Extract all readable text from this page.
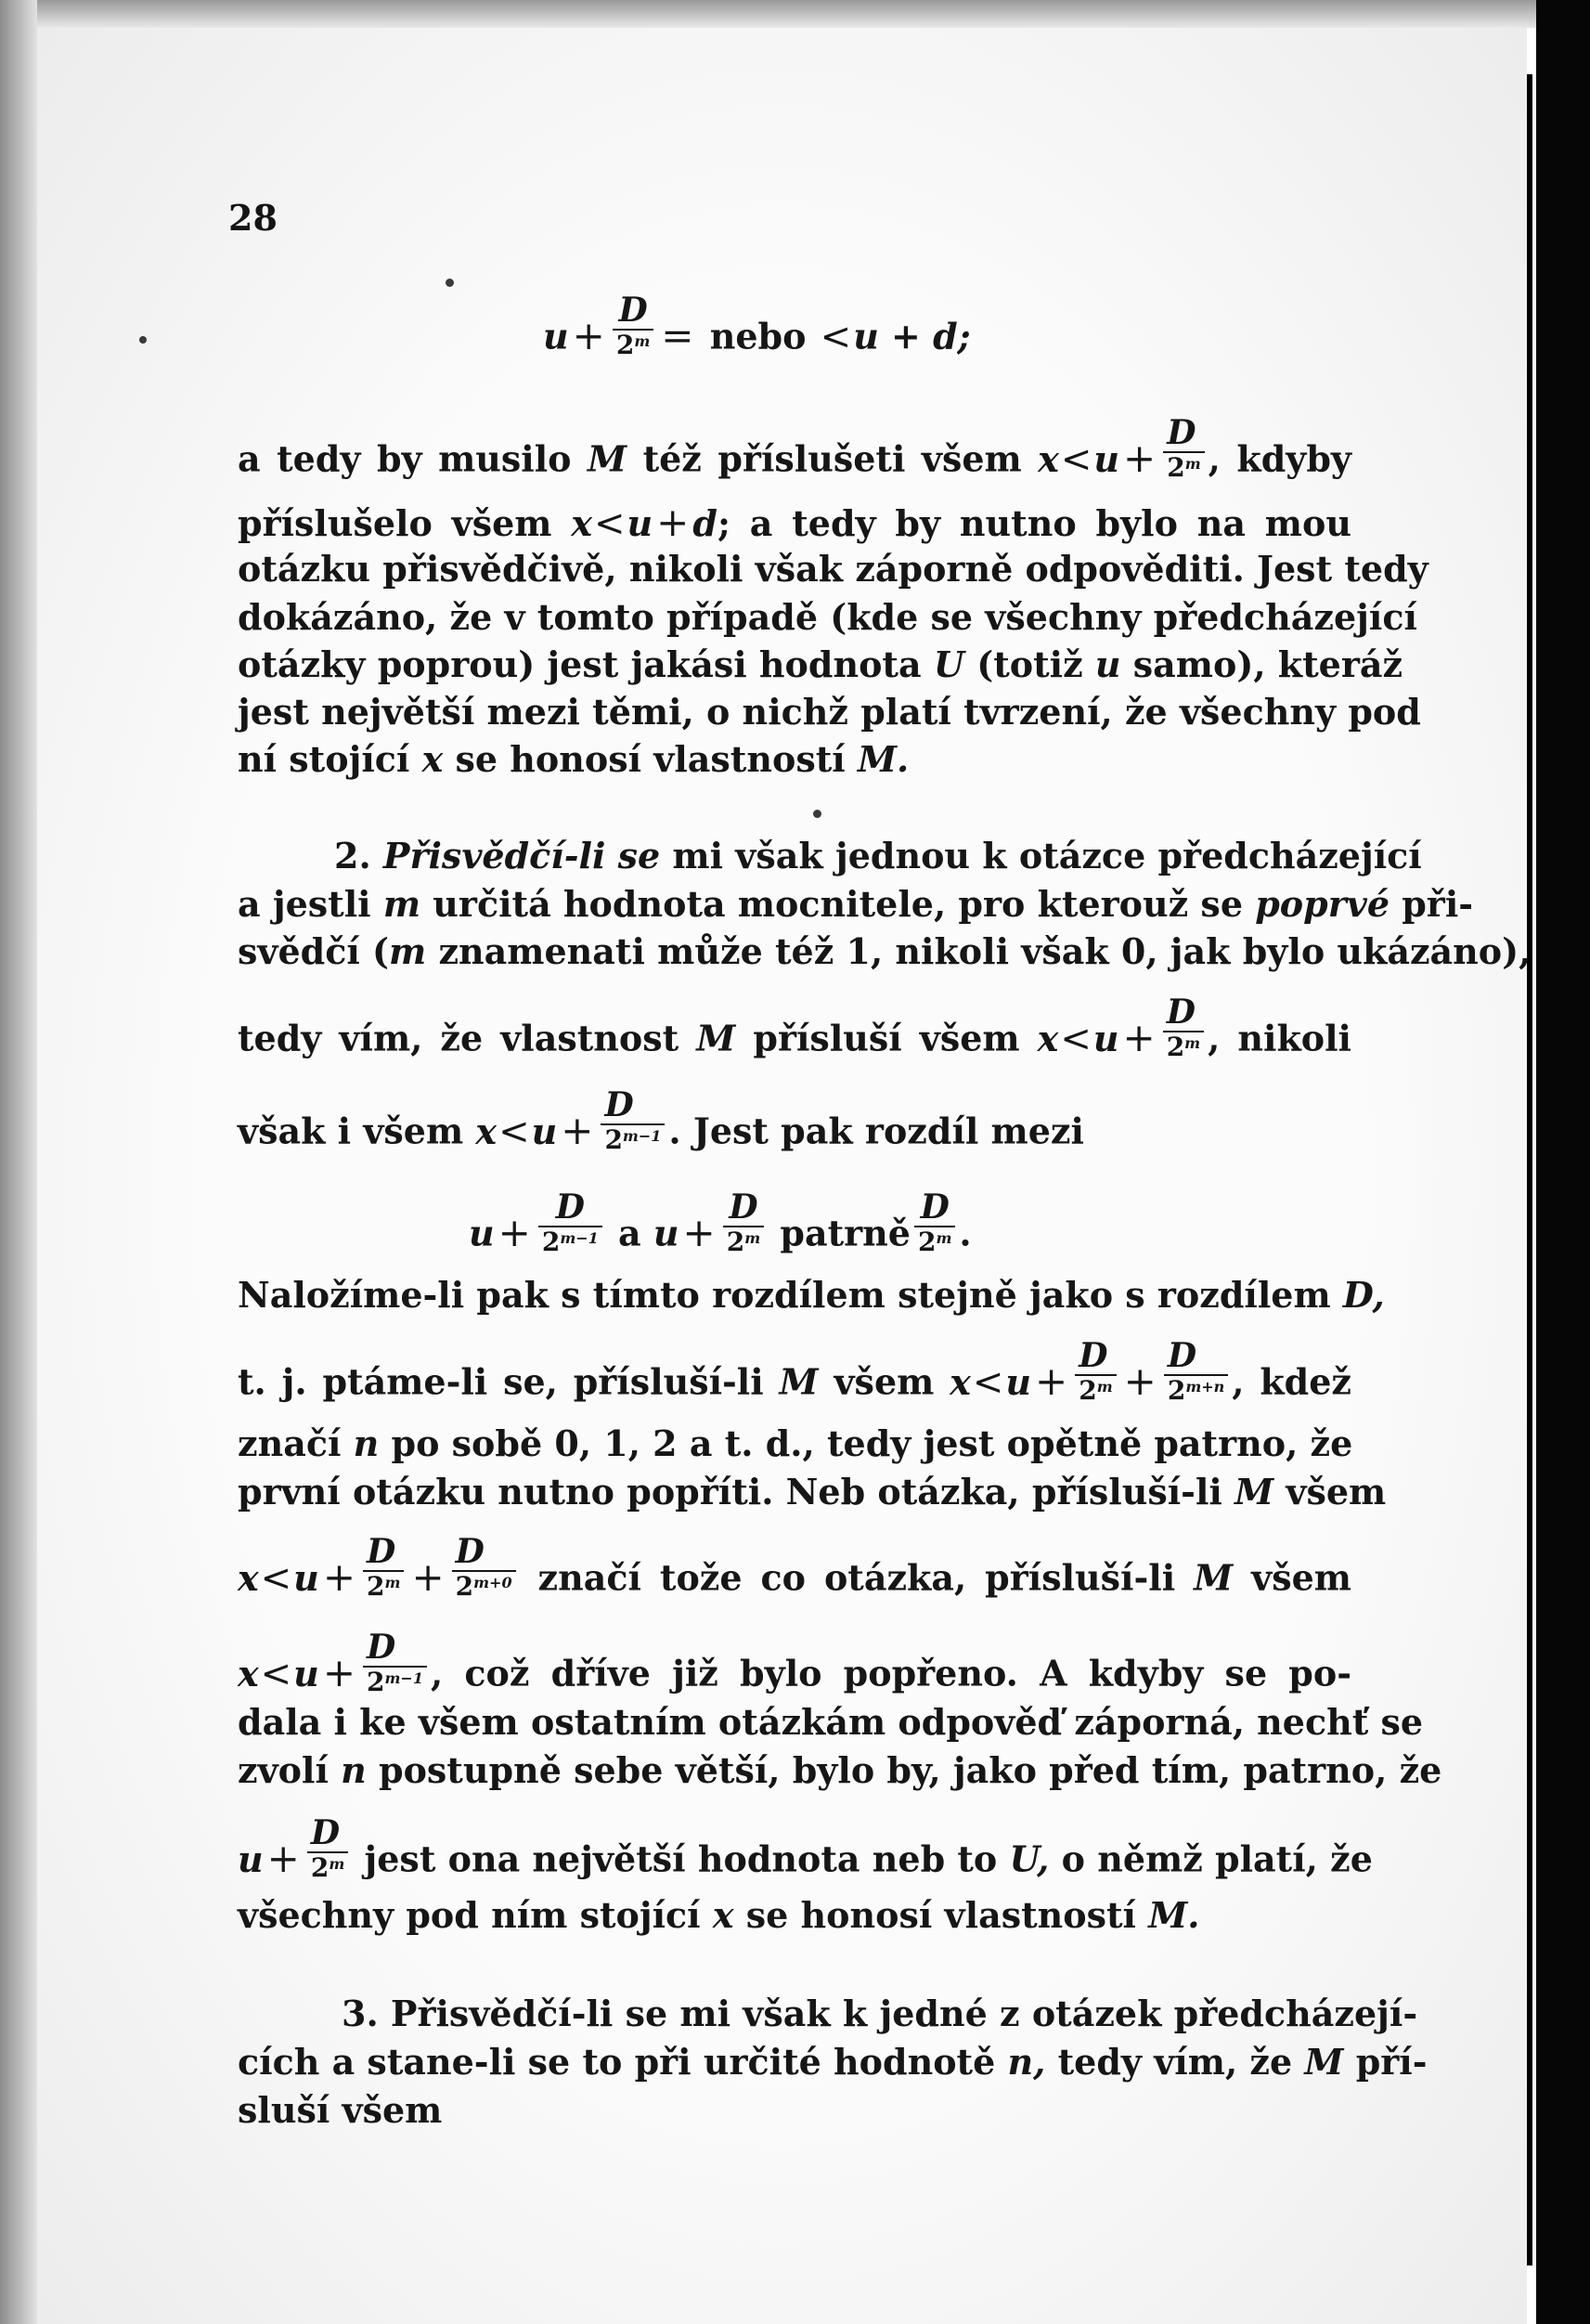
28
$u+ \frac{D}{2^m}$ = nebo <u + d;
a tedy by musilo M též příslušeti všem $x<u+ \frac{D}{2^m}$ , kdyby
příslušelo všem x<u+ d; a tedy by nutno bylo na mou
otázku přisvědčivě, nikoli však záporně odpověditi. Jest tedy
dokázáno, že v tomto případě (kde se všechny předcházející
otázky poprou) jest jakási hodnota U (totiž u samo), kteráž
jest největší mezi těmi, o nichž platí tvrzení, že všechny pod
ní stojící x se honosí vlastností M.
2. Přisvědčí-li se mi však jednou k otázce předcházející
a jestli m určitá hodnota mocnitele, pro kterouž se poprvé při-
svědčí (m znamenati může též 1, nikoli však 0, jak bylo ukázáno),
tedy vím, že vlastnost M přísluší všem $x<u+ \frac{D}{2^m}$ , nikoli
však i všem $x<u+ \frac{D}{2^{m-1}}$ . Jest pak rozdíl mezi
$u+ \frac{D}{2^{m-1}}$ a $u+ \frac{D}{2^m}$ patrně $\frac{D}{2^m}$ .
Naložíme-li pak s tímto rozdílem stejně jako s rozdílem D,
t. j. ptáme-li se, přísluší-li M všem $x<u+ \frac{D}{2^m} + \frac{D}{2^{m+n}}$ , kdež
značí n po sobě 0, 1, 2 a t. d., tedy jest opětně patrno, že
první otázku nutno popříti. Neb otázka, přísluší-li M všem
$x<u+ \frac{D}{2^m} + \frac{D}{2^{m+0}}$ značí tože co otázka, přísluší-li M všem
$x<u+ \frac{D}{2^{m-1}}$ , což dříve již bylo popřeno. A kdyby se po-
dala i ke všem ostatním otázkám odpověď záporná, nechť se
zvolí n postupně sebe větší, bylo by, jako před tím, patrno, že
$u+ \frac{D}{2^m}$ jest ona největší hodnota neb to U, o němž platí, že
všechny pod ním stojící x se honosí vlastností M.
3. Přisvědčí-li se mi však k jedné z otázek předcházejí-
cích a stane-li se to při určité hodnotě n, tedy vím, že M pří-
sluší všem
